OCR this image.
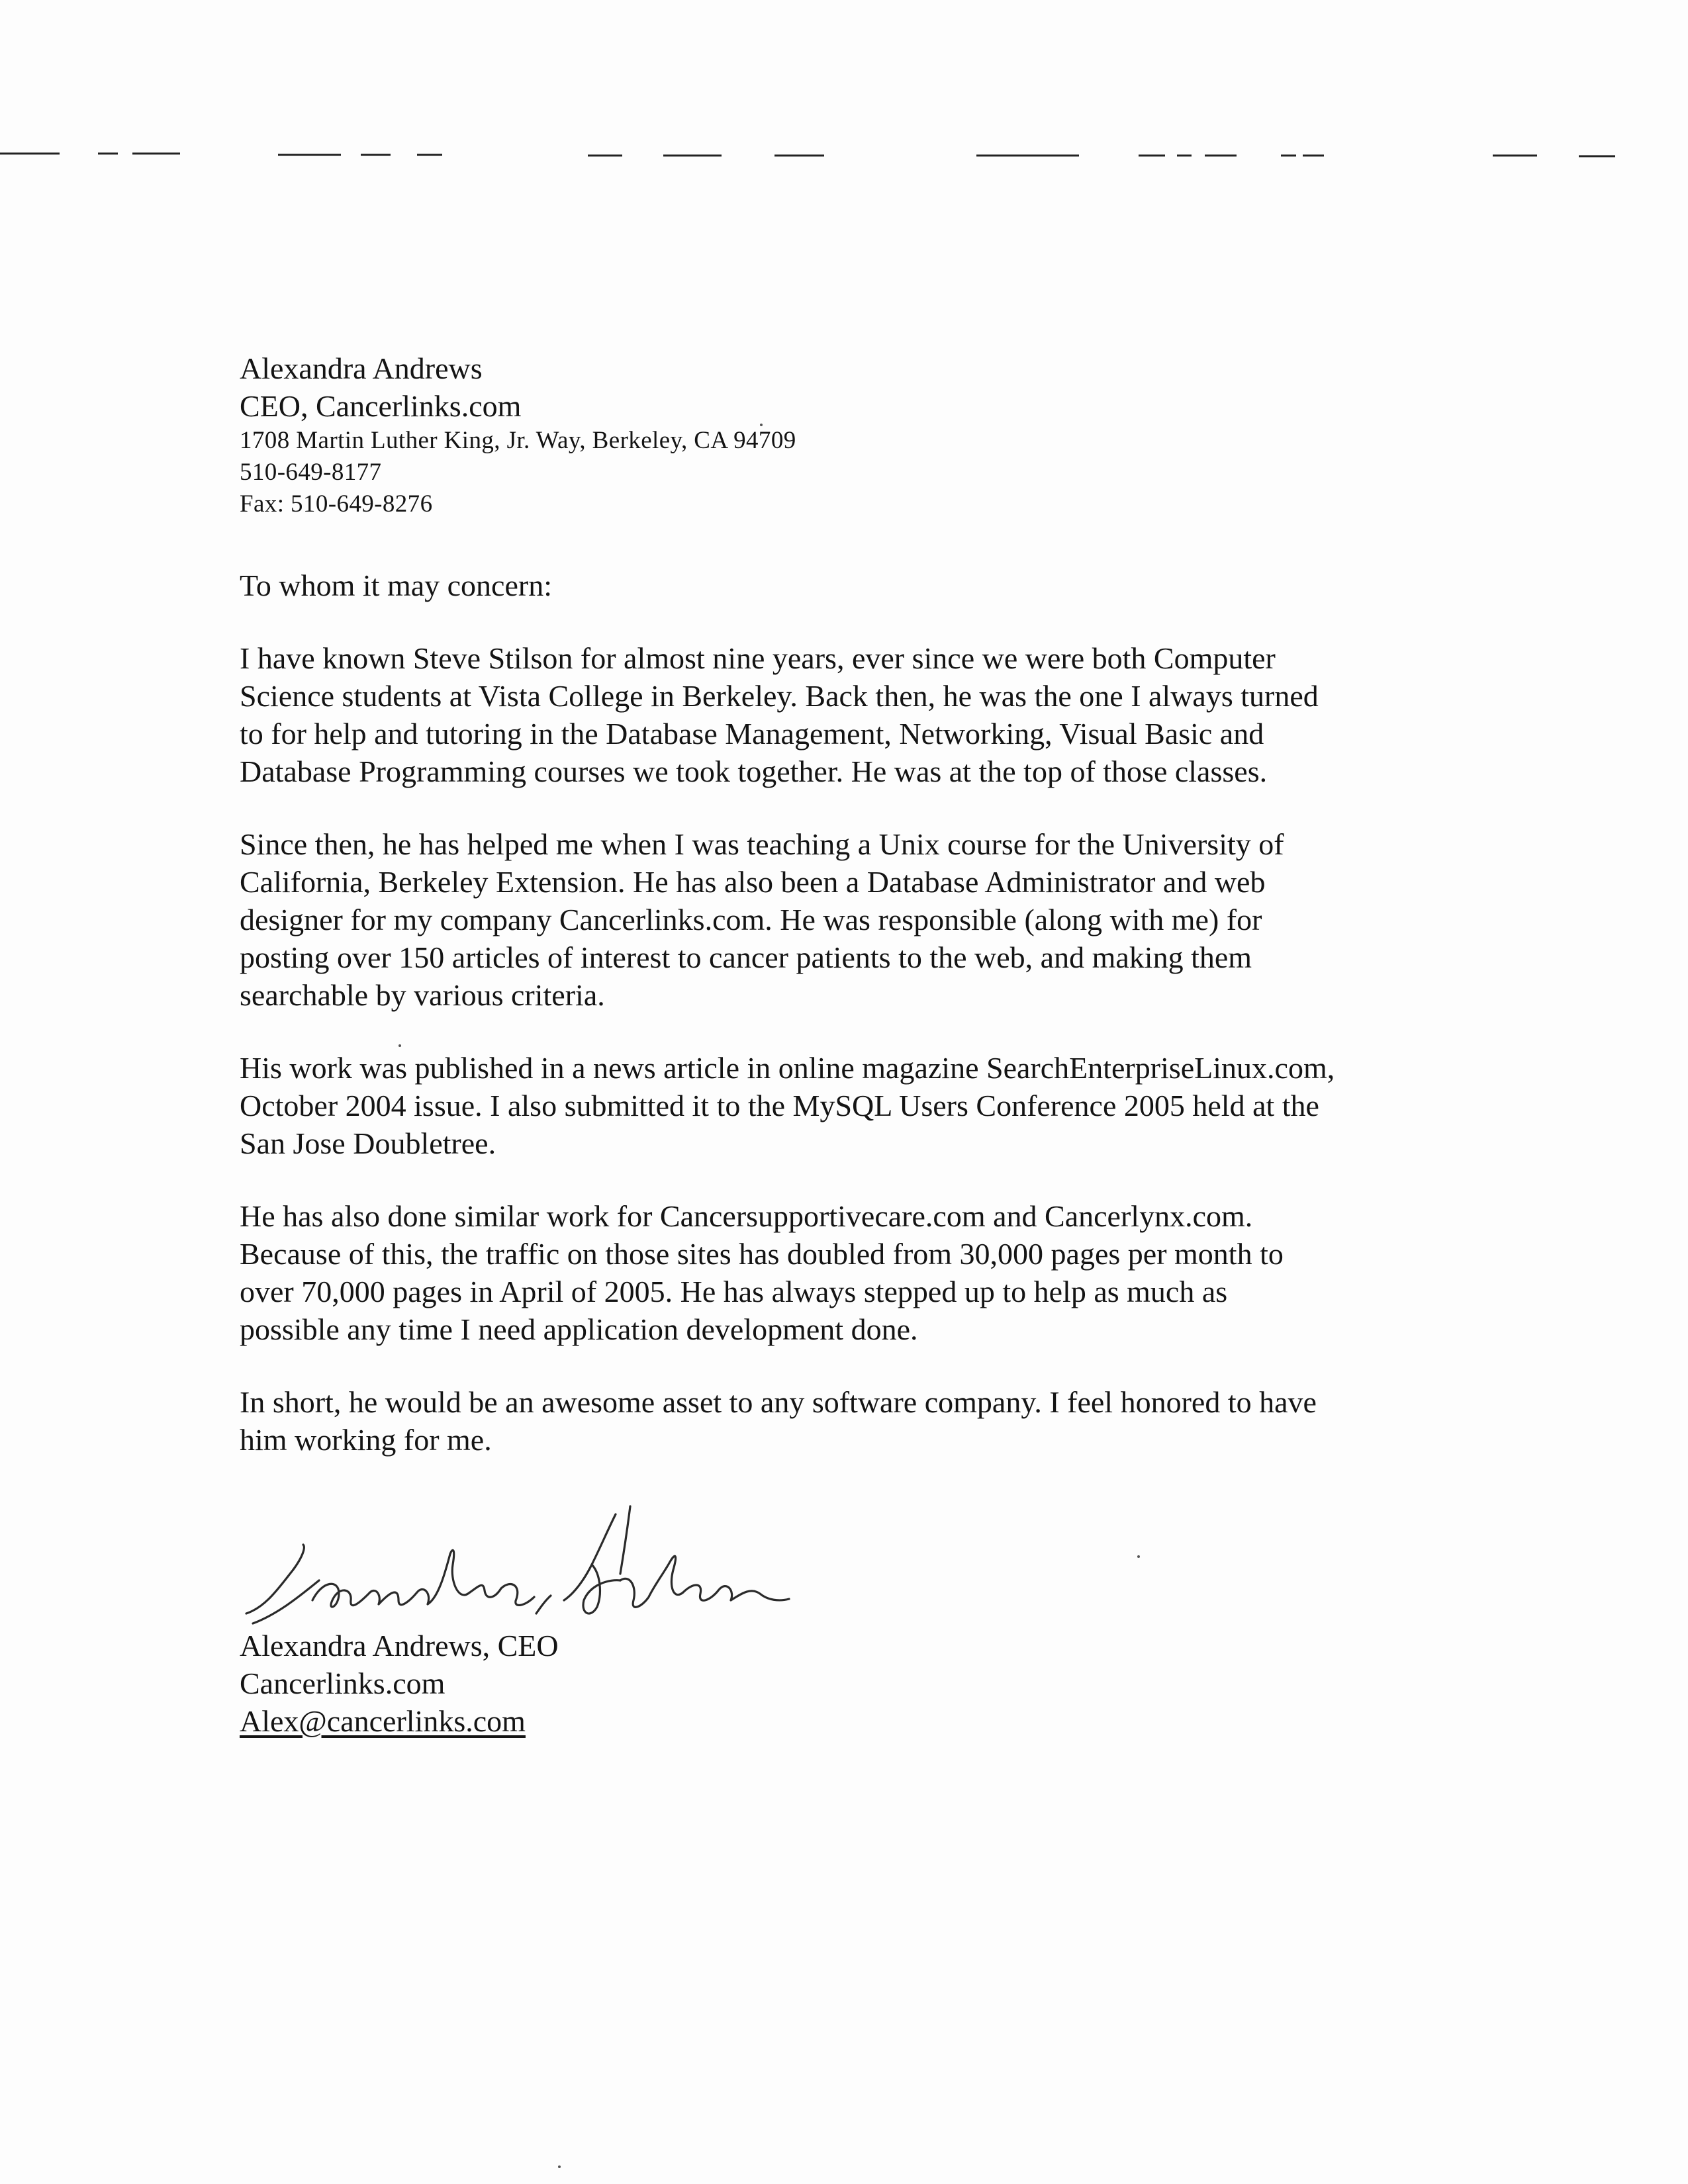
Alexandra Andrews
CEO, Cancerlinks.com
1708 Martin Luther King, Jr. Way, Berkeley, CA 94709
510-649-8177
Fax: 510-649-8276
To whom it may concern:
I have known Steve Stilson for almost nine years, ever since we were both Computer
Science students at Vista College in Berkeley. Back then, he was the one I always turned
to for help and tutoring in the Database Management, Networking, Visual Basic and
Database Programming courses we took together. He was at the top of those classes.
Since then, he has helped me when I was teaching a Unix course for the University of
California, Berkeley Extension. He has also been a Database Administrator and web
designer for my company Cancerlinks.com. He was responsible (along with me) for
posting over 150 articles of interest to cancer patients to the web, and making them
searchable by various criteria.
His work was published in a news article in online magazine SearchEnterpriseLinux.com,
October 2004 issue. I also submitted it to the MySQL Users Conference 2005 held at the
San Jose Doubletree.
He has also done similar work for Cancersupportivecare.com and Cancerlynx.com.
Because of this, the traffic on those sites has doubled from 30,000 pages per month to
over 70,000 pages in April of 2005. He has always stepped up to help as much as
possible any time I need application development done.
In short, he would be an awesome asset to any software company. I feel honored to have
him working for me.
Alexandra Andrews, CEO
Cancerlinks.com
Alex@cancerlinks.com
